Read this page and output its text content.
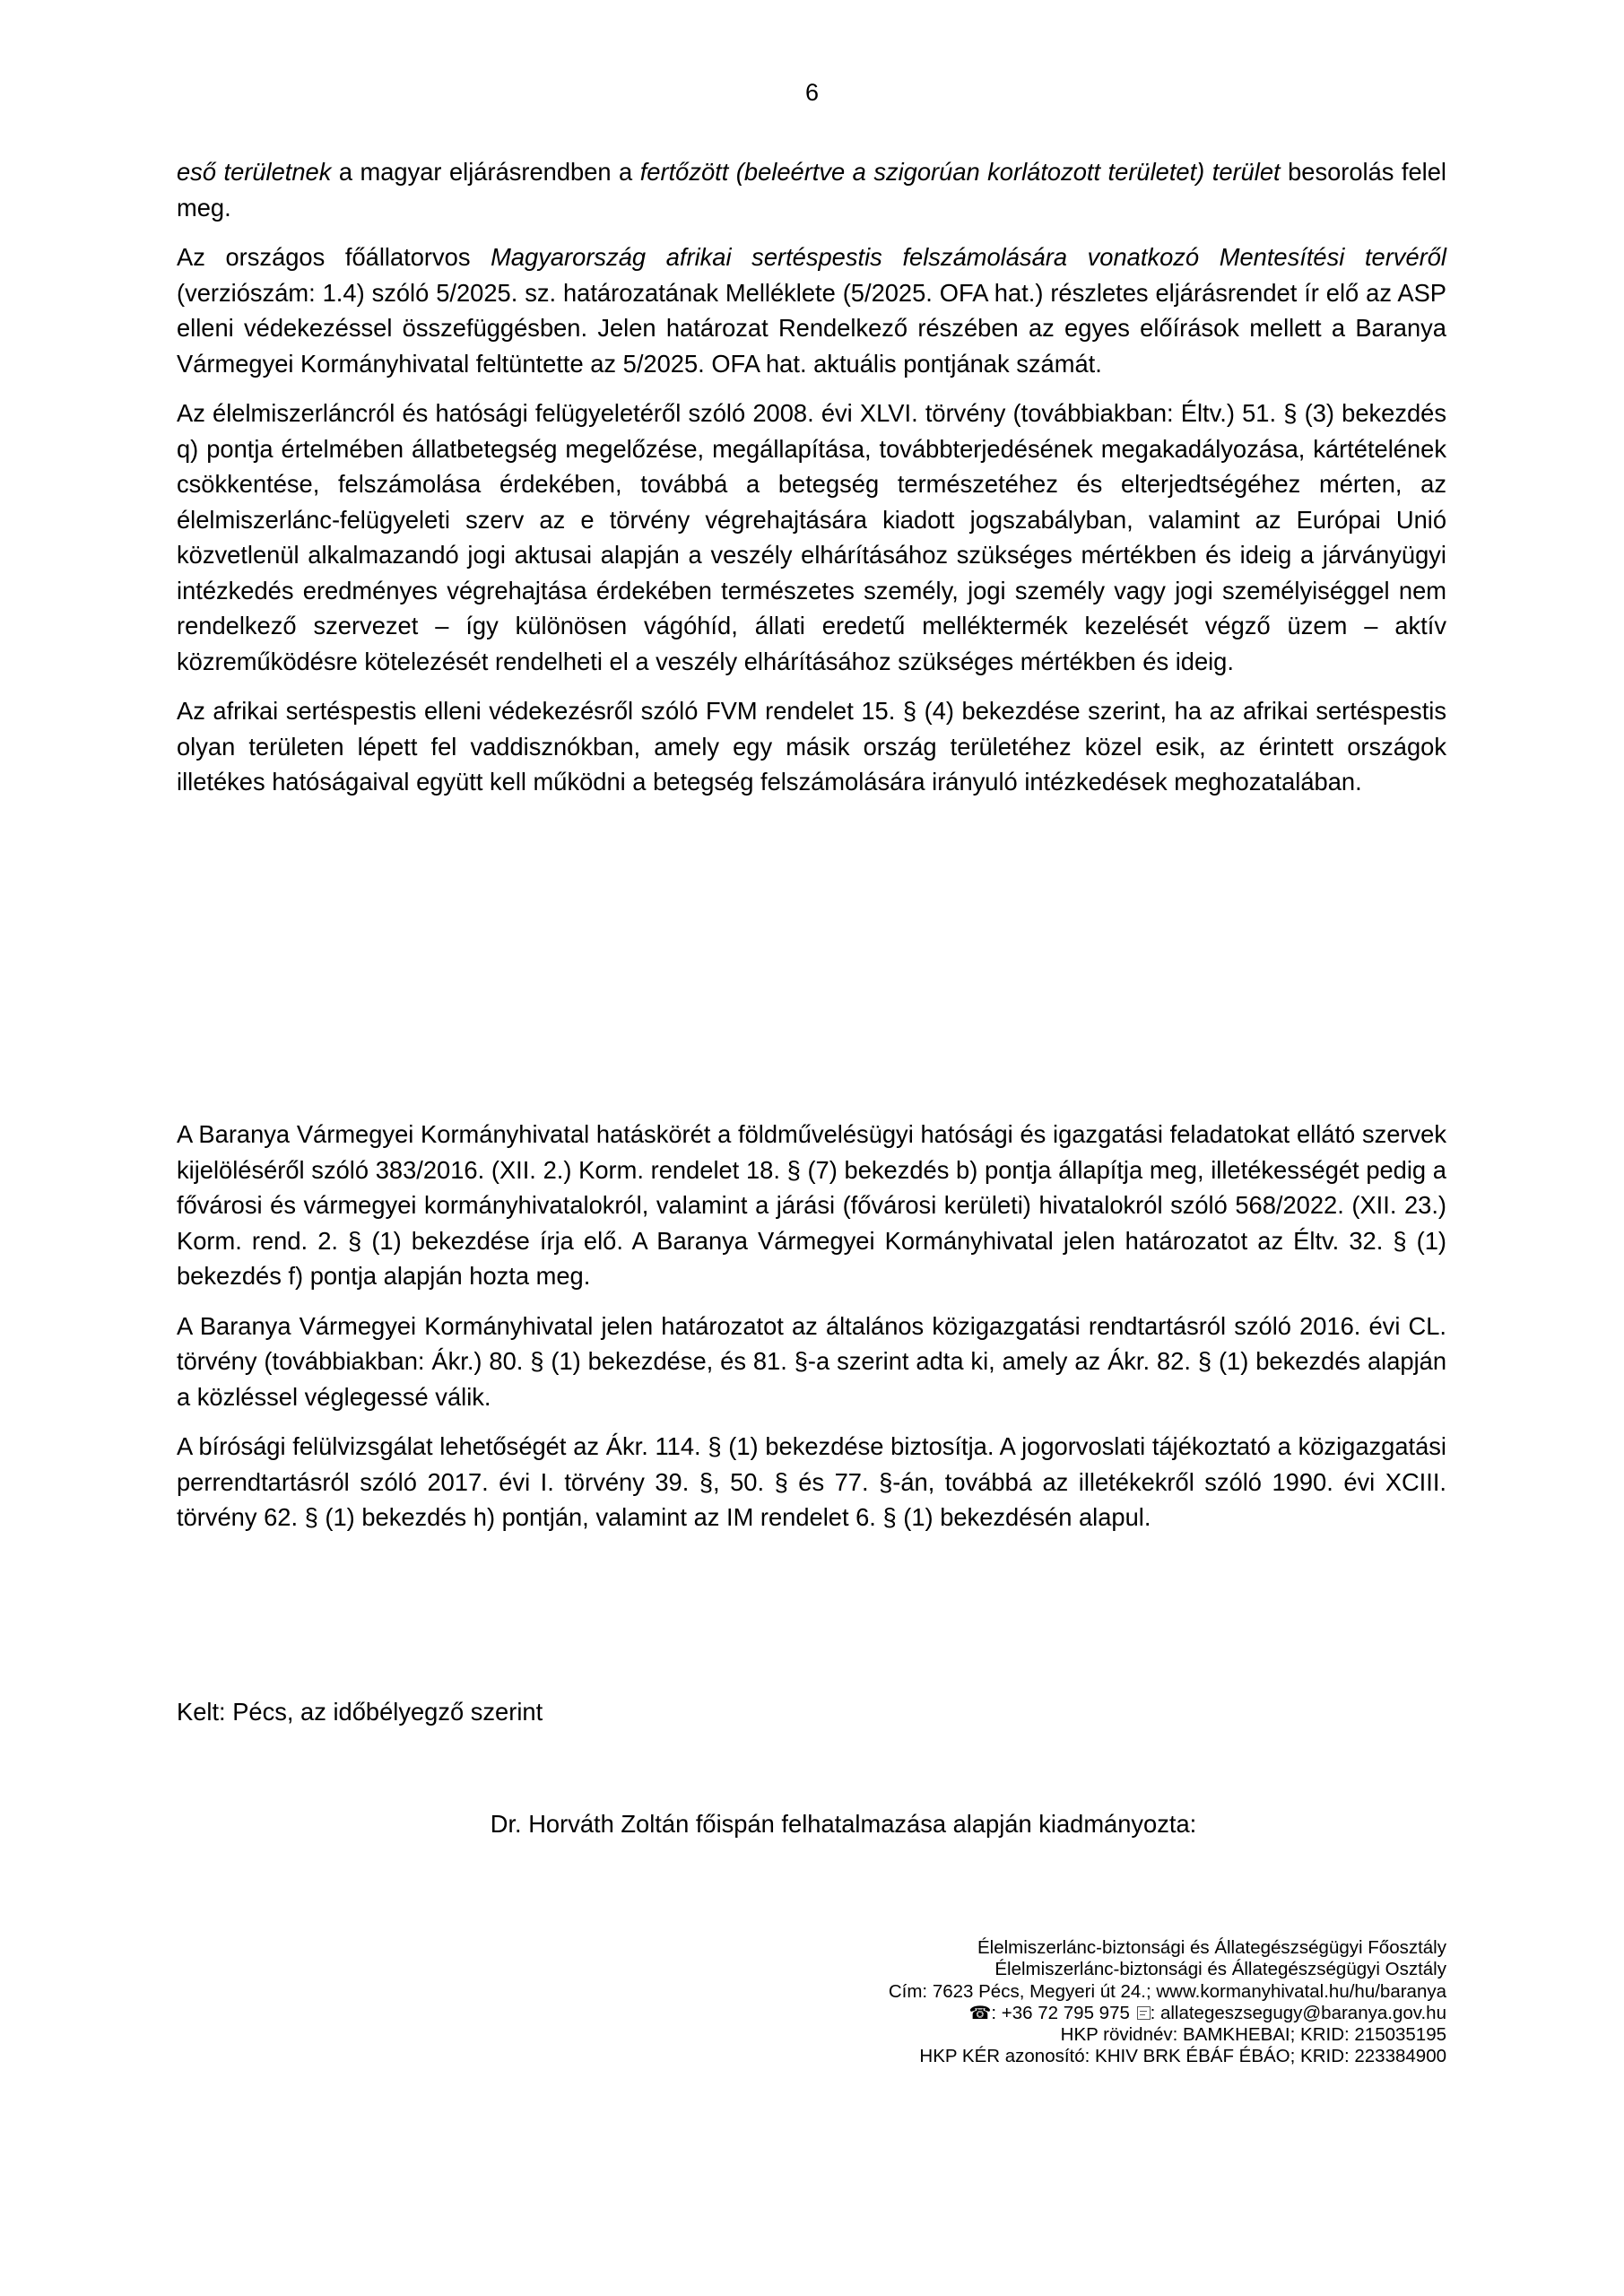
6

eső területnek a magyar eljárásrendben a fertőzött (beleértve a szigorúan korlátozott területet) terület besorolás felel meg.

Az országos főállatorvos Magyarország afrikai sertéspestis felszámolására vonatkozó Mentesítési tervéről (verziószám: 1.4) szóló 5/2025. sz. határozatának Melléklete (5/2025. OFA hat.) részletes eljárásrendet ír elő az ASP elleni védekezéssel összefüggésben. Jelen határozat Rendelkező részében az egyes előírások mellett a Baranya Vármegyei Kormányhivatal feltüntette az 5/2025. OFA hat. aktuális pontjának számát.

Az élelmiszerláncról és hatósági felügyeletéről szóló 2008. évi XLVI. törvény (továbbiakban: Éltv.) 51. § (3) bekezdés q) pontja értelmében állatbetegség megelőzése, megállapítása, továbbterjedésének megakadályozása, kártételének csökkentése, felszámolása érdekében, továbbá a betegség természetéhez és elterjedtségéhez mérten, az élelmiszerlánc-felügyeleti szerv az e törvény végrehajtására kiadott jogszabályban, valamint az Európai Unió közvetlenül alkalmazandó jogi aktusai alapján a veszély elhárításához szükséges mértékben és ideig a járványügyi intézkedés eredményes végrehajtása érdekében természetes személy, jogi személy vagy jogi személyiséggel nem rendelkező szervezet – így különösen vágóhíd, állati eredetű melléktermék kezelését végző üzem – aktív közreműködésre kötelezését rendelheti el a veszély elhárításához szükséges mértékben és ideig.

Az afrikai sertéspestis elleni védekezésről szóló FVM rendelet 15. § (4) bekezdése szerint, ha az afrikai sertéspestis olyan területen lépett fel vaddisznókban, amely egy másik ország területéhez közel esik, az érintett országok illetékes hatóságaival együtt kell működni a betegség felszámolására irányuló intézkedések meghozatalában.

A Baranya Vármegyei Kormányhivatal hatáskörét a földművelésügyi hatósági és igazgatási feladatokat ellátó szervek kijelöléséről szóló 383/2016. (XII. 2.) Korm. rendelet 18. § (7) bekezdés b) pontja állapítja meg, illetékességét pedig a fővárosi és vármegyei kormányhivatalokról, valamint a járási (fővárosi kerületi) hivatalokról szóló 568/2022. (XII. 23.) Korm. rend. 2. § (1) bekezdése írja elő. A Baranya Vármegyei Kormányhivatal jelen határozatot az Éltv. 32. § (1) bekezdés f) pontja alapján hozta meg.

A Baranya Vármegyei Kormányhivatal jelen határozatot az általános közigazgatási rendtartásról szóló 2016. évi CL. törvény (továbbiakban: Ákr.) 80. § (1) bekezdése, és 81. §-a szerint adta ki, amely az Ákr. 82. § (1) bekezdés alapján a közléssel véglegessé válik.

A bírósági felülvizsgálat lehetőségét az Ákr. 114. § (1) bekezdése biztosítja. A jogorvoslati tájékoztató a közigazgatási perrendtartásról szóló 2017. évi I. törvény 39. §, 50. § és 77. §-án, továbbá az illetékekről szóló 1990. évi XCIII. törvény 62. § (1) bekezdés h) pontján, valamint az IM rendelet 6. § (1) bekezdésén alapul.

Kelt: Pécs, az időbélyegző szerint
Dr. Horváth Zoltán főispán felhatalmazása alapján kiadmányozta:
Élelmiszerlánc-biztonsági és Állategészségügyi Főosztály
Élelmiszerlánc-biztonsági és Állategészségügyi Osztály
Cím: 7623 Pécs, Megyeri út 24.; www.kormanyhivatal.hu/hu/baranya
☎: +36 72 795 975 : allategeszsegugy@baranya.gov.hu
HKP rövidnév: BAMKHEBAI; KRID: 215035195
HKP KÉR azonosító: KHIV BRK ÉBÁF ÉBÁO; KRID: 223384900
